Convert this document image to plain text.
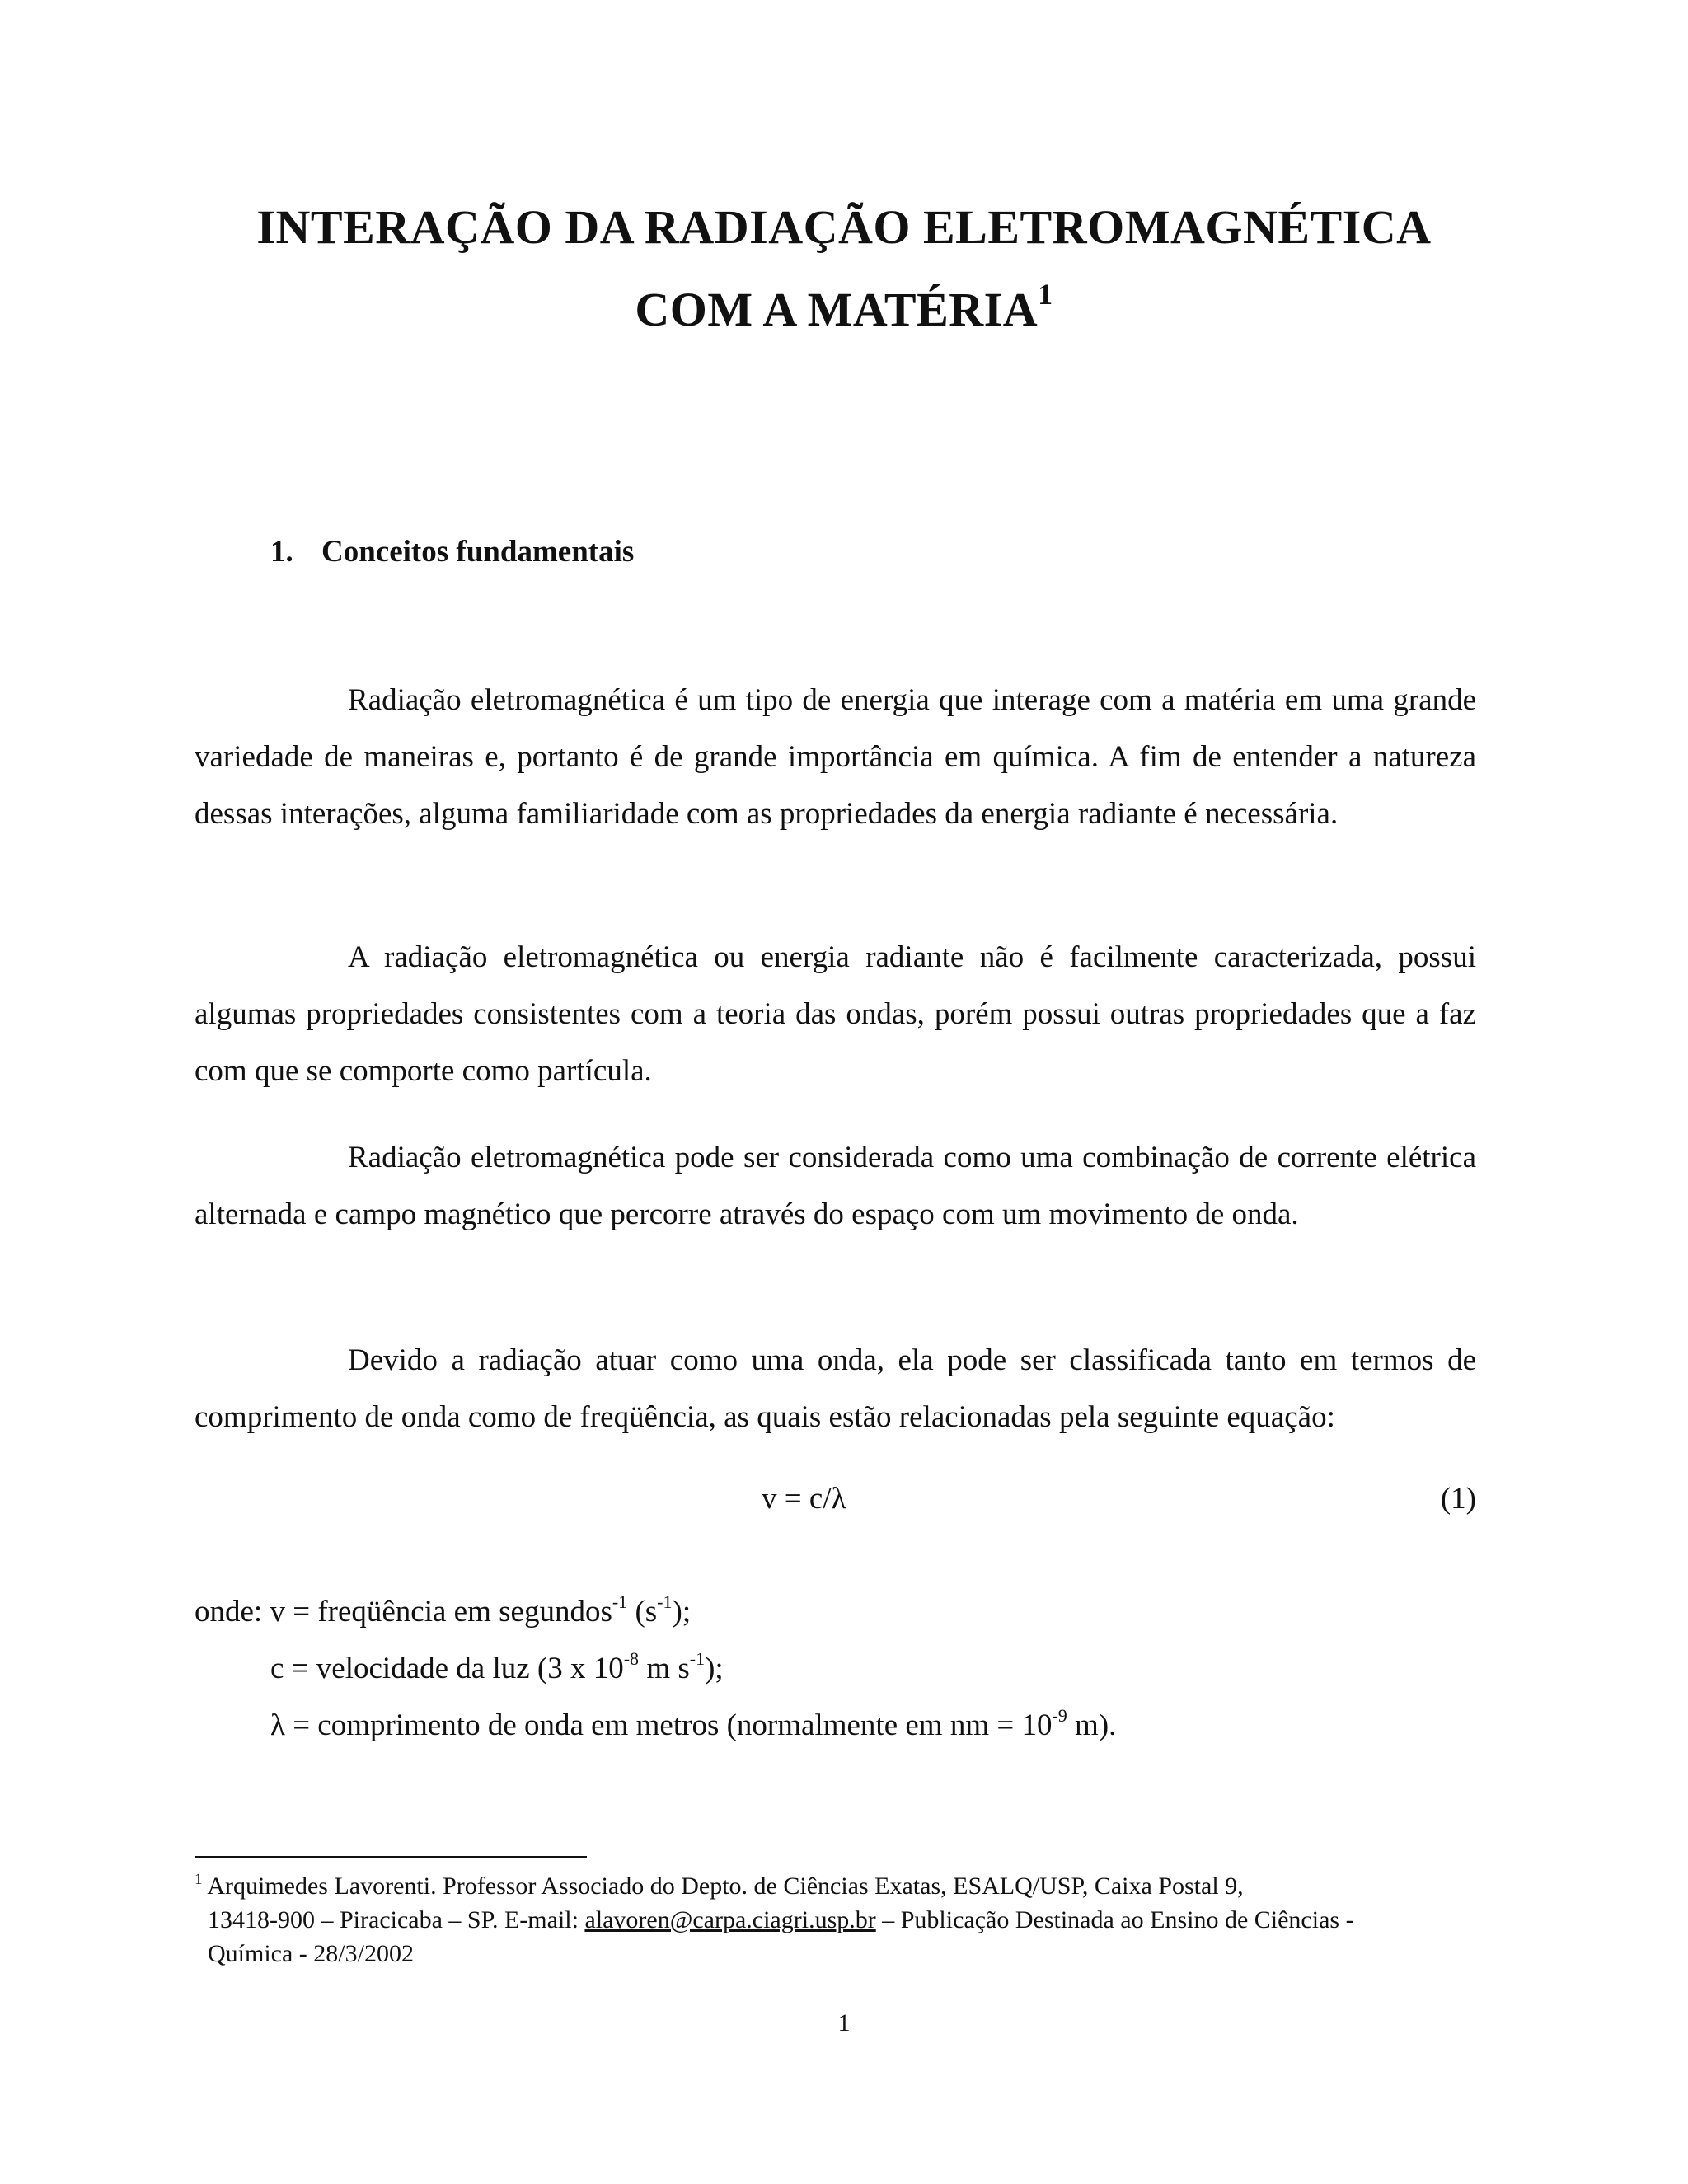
INTERAÇÃO DA RADIAÇÃO ELETROMAGNÉTICA
COM A MATÉRIA$^1$
1. Conceitos fundamentais

Radiação eletromagnética é um tipo de energia que interage com a matéria em uma grande variedade de maneiras e, portanto é de grande importância em química. A fim de entender a natureza dessas interações, alguma familiaridade com as propriedades da energia radiante é necessária.

A radiação eletromagnética ou energia radiante não é facilmente caracterizada, possui algumas propriedades consistentes com a teoria das ondas, porém possui outras propriedades que a faz com que se comporte como partícula.

Radiação eletromagnética pode ser considerada como uma combinação de corrente elétrica alternada e campo magnético que percorre através do espaço com um movimento de onda.

Devido a radiação atuar como uma onda, ela pode ser classificada tanto em termos de comprimento de onda como de freqüência, as quais estão relacionadas pela seguinte equação:

v = c/λ	(1)

onde: v = freqüência em segundos$^{-1}$ $(s^{-1})$;

c = velocidade da luz (3 x $10^{-8}$ m $s^{-1}$);

λ = comprimento de onda em metros (normalmente em nm = $10^{-9}$ m).

$^1$ Arquimedes Lavorenti. Professor Associado do Depto. de Ciências Exatas, ESALQ/USP, Caixa Postal 9,
13418-900 – Piracicaba – SP. E-mail: alavoren@carpa.ciagri.usp.br – Publicação Destinada ao Ensino de Ciências -
Química - 28/3/2002

1
